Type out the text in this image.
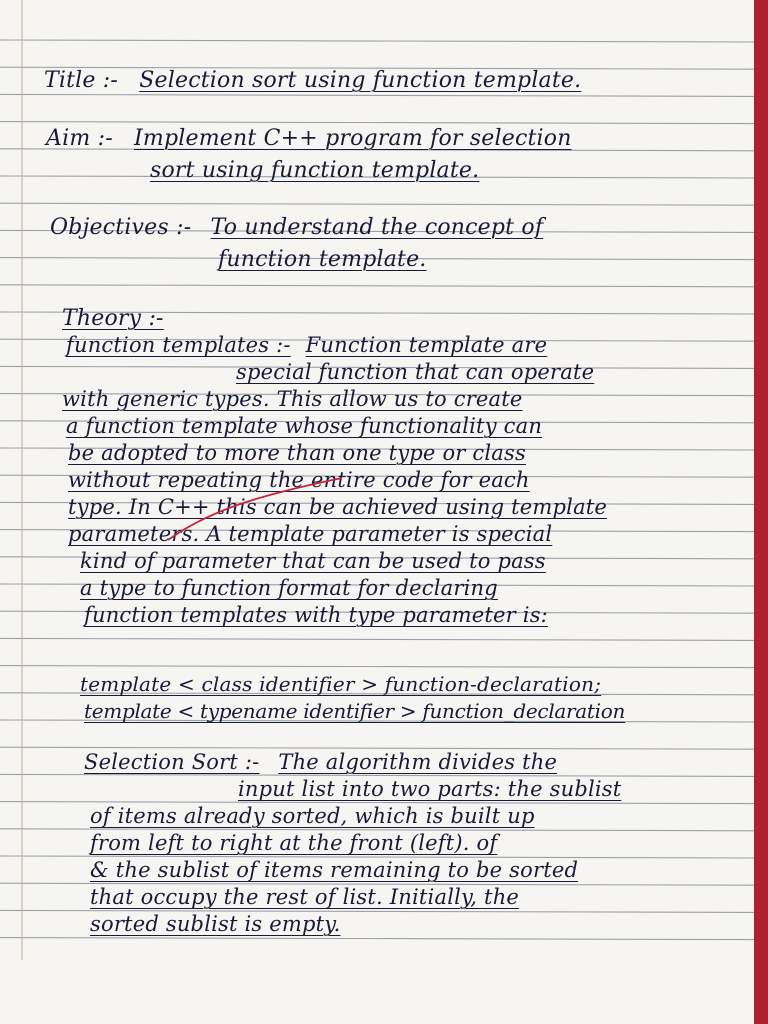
Title :- Selection sort using function template.
Aim :- Implement C++ program for selection
sort using function template.
Objectives :- To understand the concept of
function template.
Theory :-
function templates :- Function template are
special function that can operate
with generic types. This allow us to create
a function template whose functionality can
be adopted to more than one type or class
without repeating the entire code for each
type. In C++ this can be achieved using template
parameters. A template parameter is special
kind of parameter that can be used to pass
a type to function format for declaring
function templates with type parameter is:
template < class identifier > function-declaration;
template < typename identifier > function_declaration
Selection Sort :- The algorithm divides the
input list into two parts: the sublist
of items already sorted, which is built up
from left to right at the front (left). of
& the sublist of items remaining to be sorted
that occupy the rest of list. Initially, the
sorted sublist is empty.
